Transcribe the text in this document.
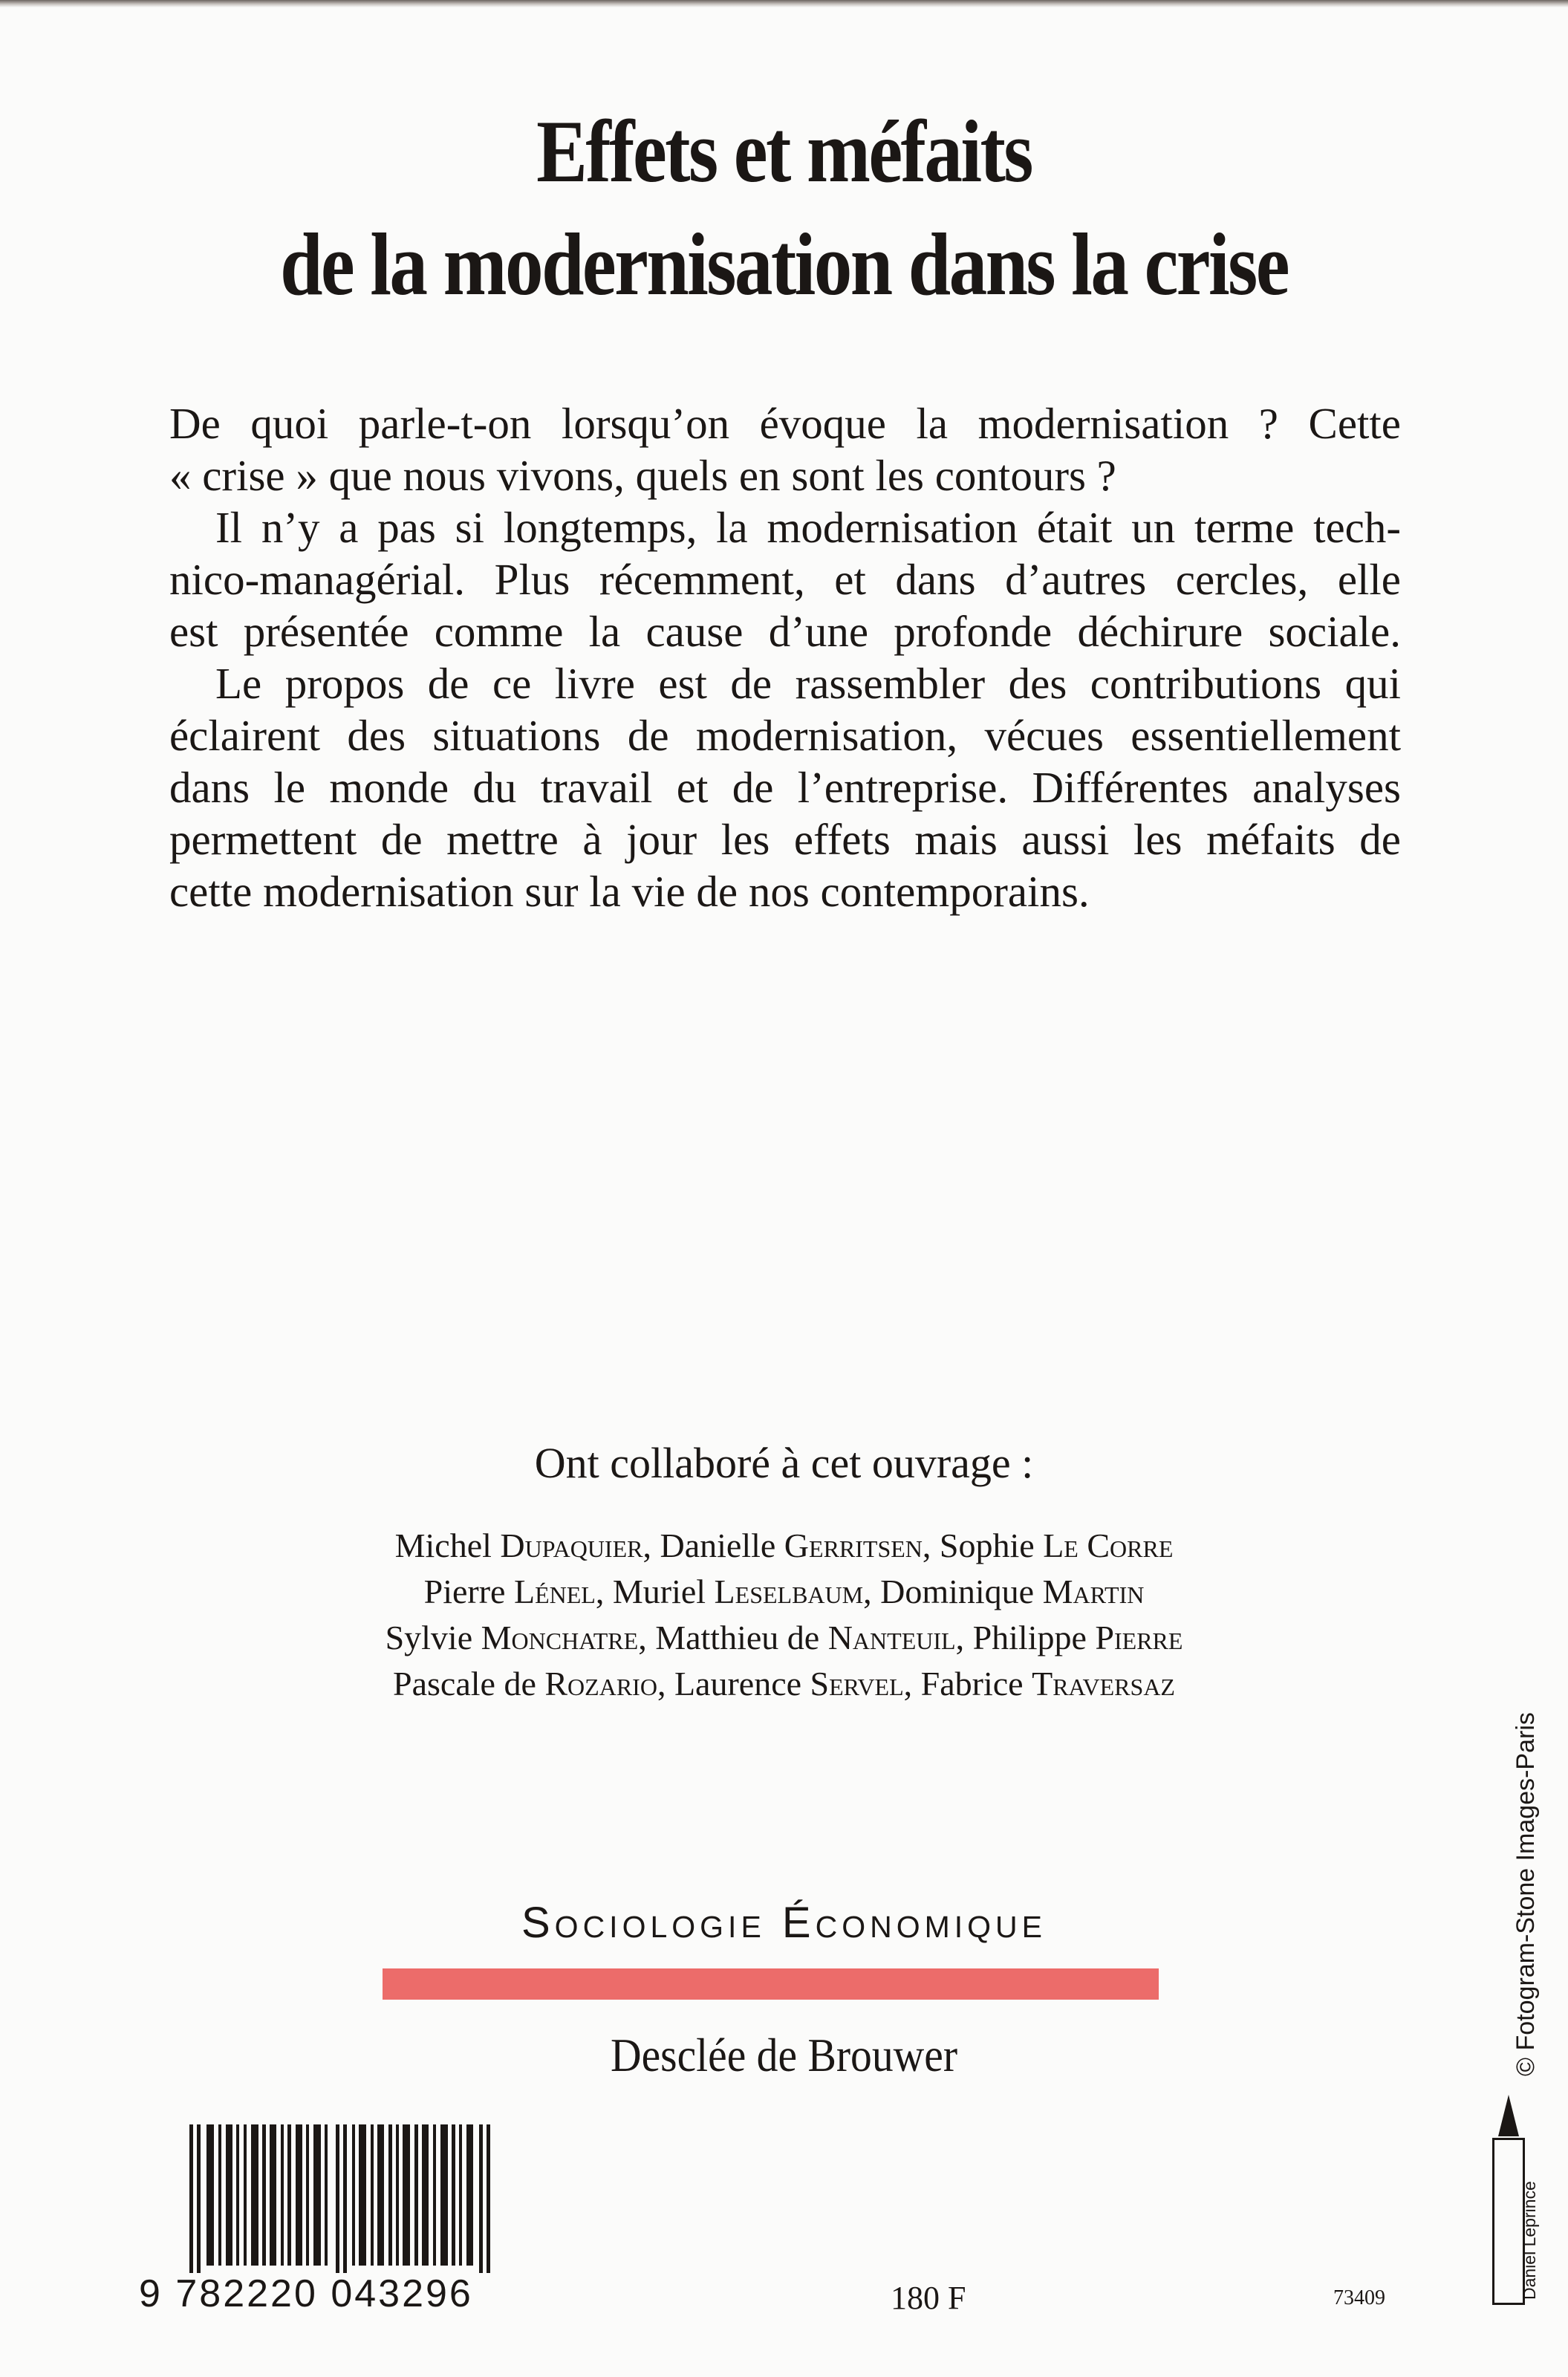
Effets et méfaits
de la modernisation dans la crise

De quoi parle-t-on lorsqu’on évoque la modernisation ? Cette
« crise » que nous vivons, quels en sont les contours ?

Il n’y a pas si longtemps, la modernisation était un terme tech-
nico-managérial. Plus récemment, et dans d’autres cercles, elle
est présentée comme la cause d’une profonde déchirure sociale.

Le propos de ce livre est de rassembler des contributions qui
éclairent des situations de modernisation, vécues essentiellement
dans le monde du travail et de l’entreprise. Différentes analyses
permettent de mettre à jour les effets mais aussi les méfaits de
cette modernisation sur la vie de nos contemporains.

Ont collaboré à cet ouvrage :
Michel Dupaquier, Danielle Gerritsen, Sophie Le Corre
Pierre Lénel, Muriel Leselbaum, Dominique Martin
Sylvie Monchatre, Matthieu de Nanteuil, Philippe Pierre
Pascale de Rozario, Laurence Servel, Fabrice Traversaz
Sociologie Économique
Desclée de Brouwer
9 782220 043296	180 F	73409
© Fotogram-Stone Images-Paris
Daniel Leprince
